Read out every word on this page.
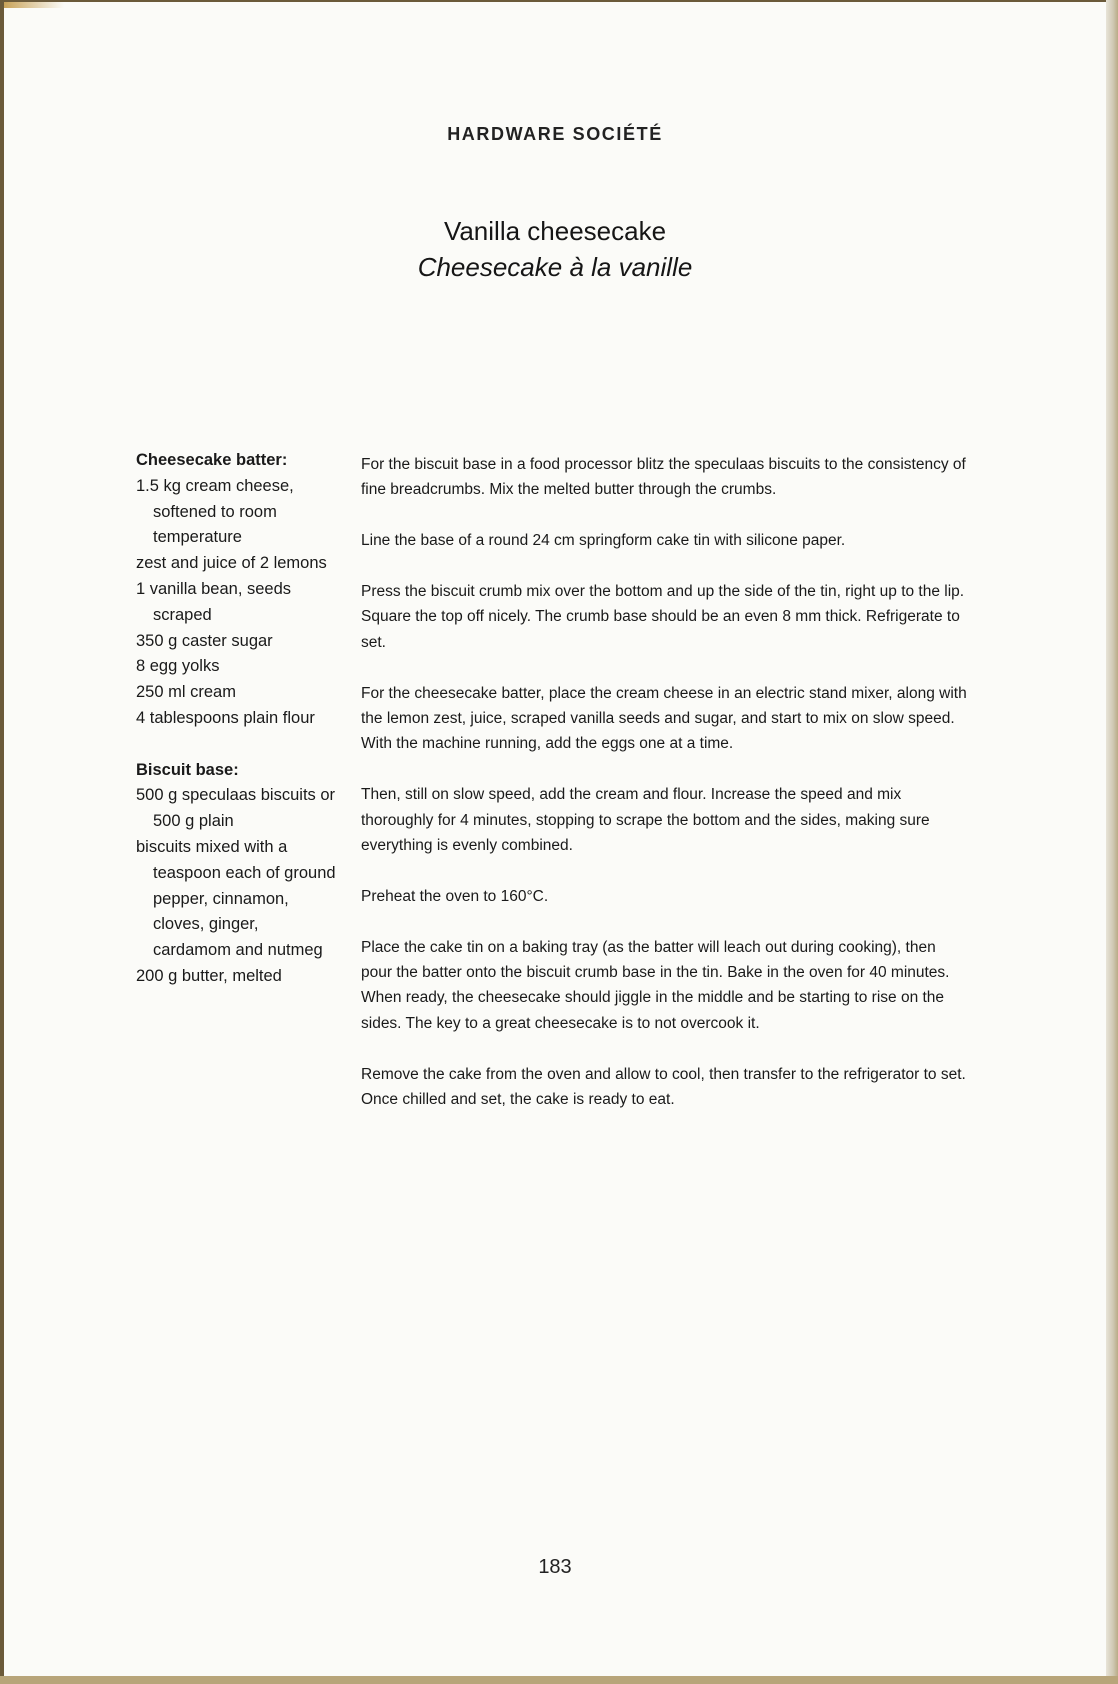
HARDWARE SOCIÉTÉ
Vanilla cheesecake
Cheesecake à la vanille
Cheesecake batter:
1.5 kg cream cheese, softened to room temperature
zest and juice of 2 lemons
1 vanilla bean, seeds scraped
350 g caster sugar
8 egg yolks
250 ml cream
4 tablespoons plain flour
Biscuit base:
500 g speculaas biscuits or 500 g plain
biscuits mixed with a teaspoon each of ground pepper, cinnamon, cloves, ginger, cardamom and nutmeg
200 g butter, melted

For the biscuit base in a food processor blitz the speculaas biscuits to the consistency of fine breadcrumbs. Mix the melted butter through the crumbs.

Line the base of a round 24 cm springform cake tin with silicone paper.

Press the biscuit crumb mix over the bottom and up the side of the tin, right up to the lip. Square the top off nicely. The crumb base should be an even 8 mm thick. Refrigerate to set.

For the cheesecake batter, place the cream cheese in an electric stand mixer, along with the lemon zest, juice, scraped vanilla seeds and sugar, and start to mix on slow speed. With the machine running, add the eggs one at a time.

Then, still on slow speed, add the cream and flour. Increase the speed and mix thoroughly for 4 minutes, stopping to scrape the bottom and the sides, making sure everything is evenly combined.

Preheat the oven to 160°C.

Place the cake tin on a baking tray (as the batter will leach out during cooking), then pour the batter onto the biscuit crumb base in the tin. Bake in the oven for 40 minutes. When ready, the cheesecake should jiggle in the middle and be starting to rise on the sides. The key to a great cheesecake is to not overcook it.

Remove the cake from the oven and allow to cool, then transfer to the refrigerator to set. Once chilled and set, the cake is ready to eat.

183
